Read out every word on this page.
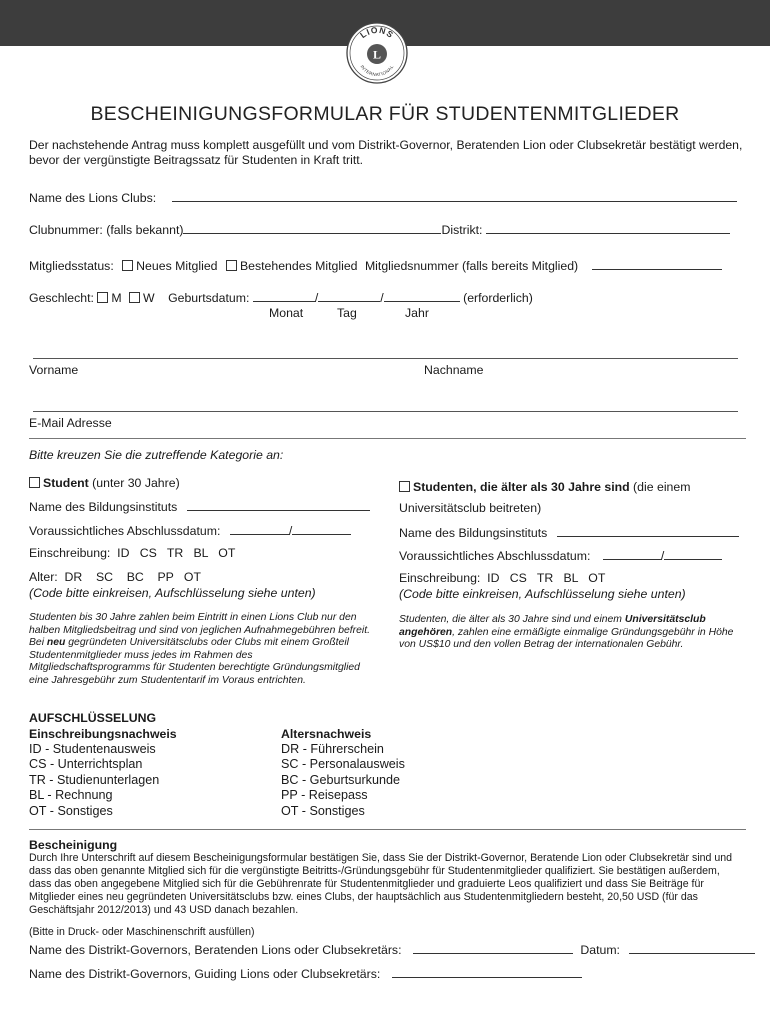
LIONS
INTERNATIONAL
L
BESCHEINIGUNGSFORMULAR FÜR STUDENTENMITGLIEDER
Der nachstehende Antrag muss komplett ausgefüllt und vom Distrikt-Governor, Beratenden Lion oder Clubsekretär bestätigt werden, bevor der vergünstigte Beitragssatz für Studenten in Kraft tritt.
Name des Lions Clubs:
Clubnummer: (falls bekannt)	Distrikt:
Mitgliedsstatus: Neues Mitglied Bestehendes Mitglied Mitgliedsnummer (falls bereits Mitglied)
Geschlecht: M W Geburtsdatum:	/	/	(erforderlich)
Monat	Tag	Jahr
Vorname	Nachname
E-Mail Adresse
Bitte kreuzen Sie die zutreffende Kategorie an:
Student (unter 30 Jahre)
Name des Bildungsinstituts
Voraussichtliches Abschlussdatum:	/
Einschreibung:  ID   CS   TR   BL   OT
Alter:  DR    SC    BC    PP   OT
(Code bitte einkreisen, Aufschlüsselung siehe unten)
Studenten bis 30 Jahre zahlen beim Eintritt in einen Lions Club nur den halben Mitgliedsbeitrag und sind von jeglichen Aufnahmegebühren befreit. Bei neu gegründeten Universitätsclubs oder Clubs mit einem Großteil Studentenmitglieder muss jedes im Rahmen des Mitgliedschaftsprogramms für Studenten berechtigte Gründungsmitglied eine Jahresgebühr zum Studententarif im Voraus entrichten.
Studenten, die älter als 30 Jahre sind (die einem
Universitätsclub beitreten)
Name des Bildungsinstituts
Voraussichtliches Abschlussdatum:	/
Einschreibung:  ID   CS   TR   BL   OT
(Code bitte einkreisen, Aufschlüsselung siehe unten)
Studenten, die älter als 30 Jahre sind und einem Universitätsclub angehören, zahlen eine ermäßigte einmalige Gründungsgebühr in Höhe von US$10 und den vollen Betrag der internationalen Gebühr.
AUFSCHLÜSSELUNG
Einschreibungsnachweis
ID - Studentenausweis
CS - Unterrichtsplan
TR - Studienunterlagen
BL - Rechnung
OT - Sonstiges
Altersnachweis
DR - Führerschein
SC - Personalausweis
BC - Geburtsurkunde
PP - Reisepass
OT - Sonstiges
Bescheinigung
Durch Ihre Unterschrift auf diesem Bescheinigungsformular bestätigen Sie, dass Sie der Distrikt-Governor, Beratende Lion oder Clubsekretär sind und dass das oben genannte Mitglied sich für die vergünstigte Beitritts-/Gründungsgebühr für Studentenmitglieder qualifiziert. Sie bestätigen außerdem, dass das oben angegebene Mitglied sich für die Gebührenrate für Studentenmitglieder und graduierte Leos qualifiziert und dass Sie Beiträge für Mitglieder eines neu gegründeten Universitätsclubs bzw. eines Clubs, der hauptsächlich aus Studentenmitgliedern besteht, 20,50 USD (für das Geschäftsjahr 2012/2013) und 43 USD danach bezahlen.
(Bitte in Druck- oder Maschinenschrift ausfüllen)
Name des Distrikt-Governors, Beratenden Lions oder Clubsekretärs:	Datum:
Name des Distrikt-Governors, Guiding Lions oder Clubsekretärs:
